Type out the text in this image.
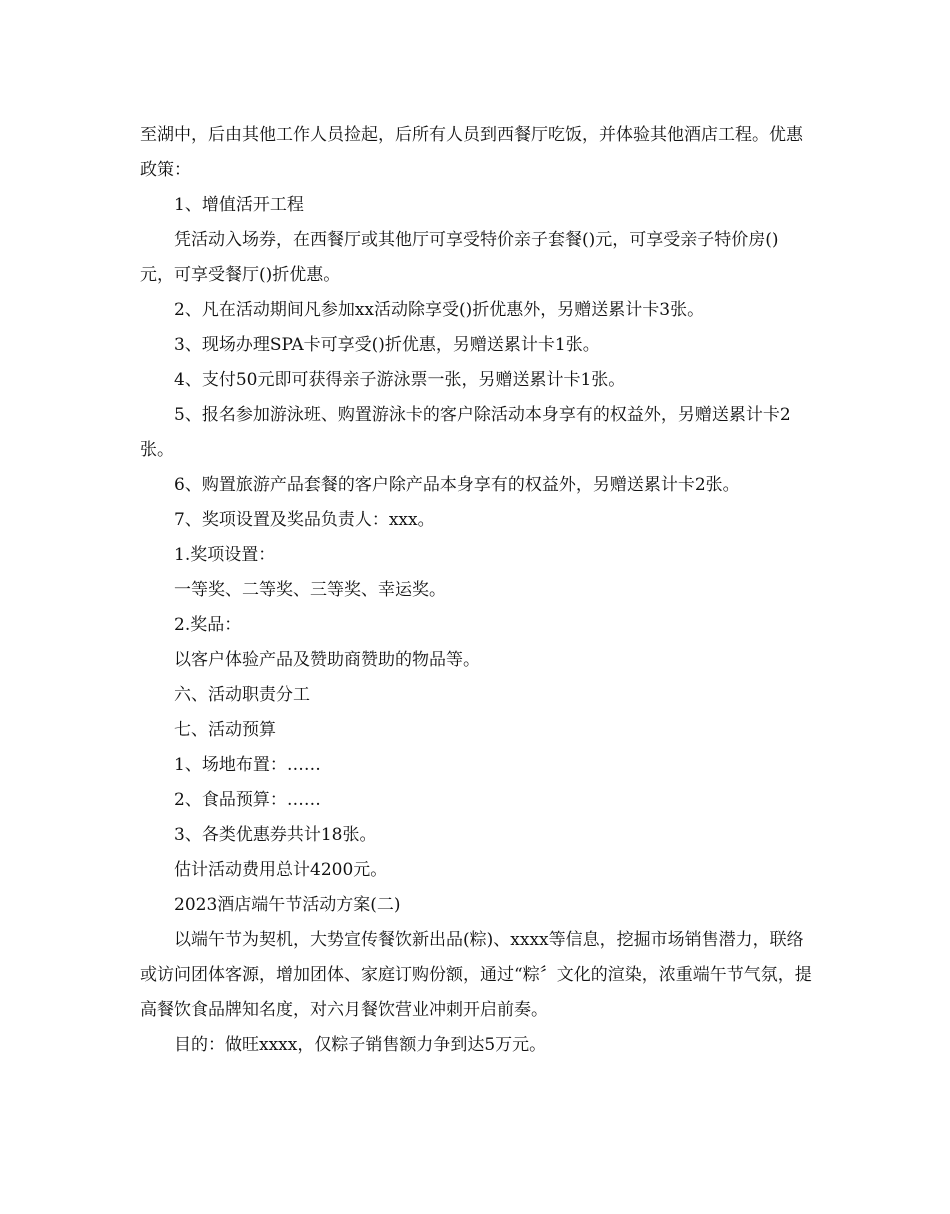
至湖中，后由其他工作人员捡起，后所有人员到西餐厅吃饭，并体验其他酒店工程。优惠政策：

1、增值活开工程

凭活动入场券，在西餐厅或其他厅可享受特价亲子套餐()元，可享受亲子特价房()元，可享受餐厅()折优惠。

2、凡在活动期间凡参加xx活动除享受()折优惠外，另赠送累计卡3张。

3、现场办理SPA卡可享受()折优惠，另赠送累计卡1张。

4、支付50元即可获得亲子游泳票一张，另赠送累计卡1张。

5、报名参加游泳班、购置游泳卡的客户除活动本身享有的权益外，另赠送累计卡2张。

6、购置旅游产品套餐的客户除产品本身享有的权益外，另赠送累计卡2张。

7、奖项设置及奖品负责人：xxx。

1.奖项设置：

一等奖、二等奖、三等奖、幸运奖。

2.奖品：

以客户体验产品及赞助商赞助的物品等。

六、活动职责分工

七、活动预算

1、场地布置：……

2、食品预算：……

3、各类优惠券共计18张。

估计活动费用总计4200元。

2023酒店端午节活动方案(二)

以端午节为契机，大势宣传餐饮新出品(粽)、xxxx等信息，挖掘市场销售潜力，联络或访问团体客源，增加团体、家庭订购份额，通过“粽〞文化的渲染，浓重端午节气氛，提高餐饮食品牌知名度，对六月餐饮营业冲刺开启前奏。

目的：做旺xxxx，仅粽子销售额力争到达5万元。
